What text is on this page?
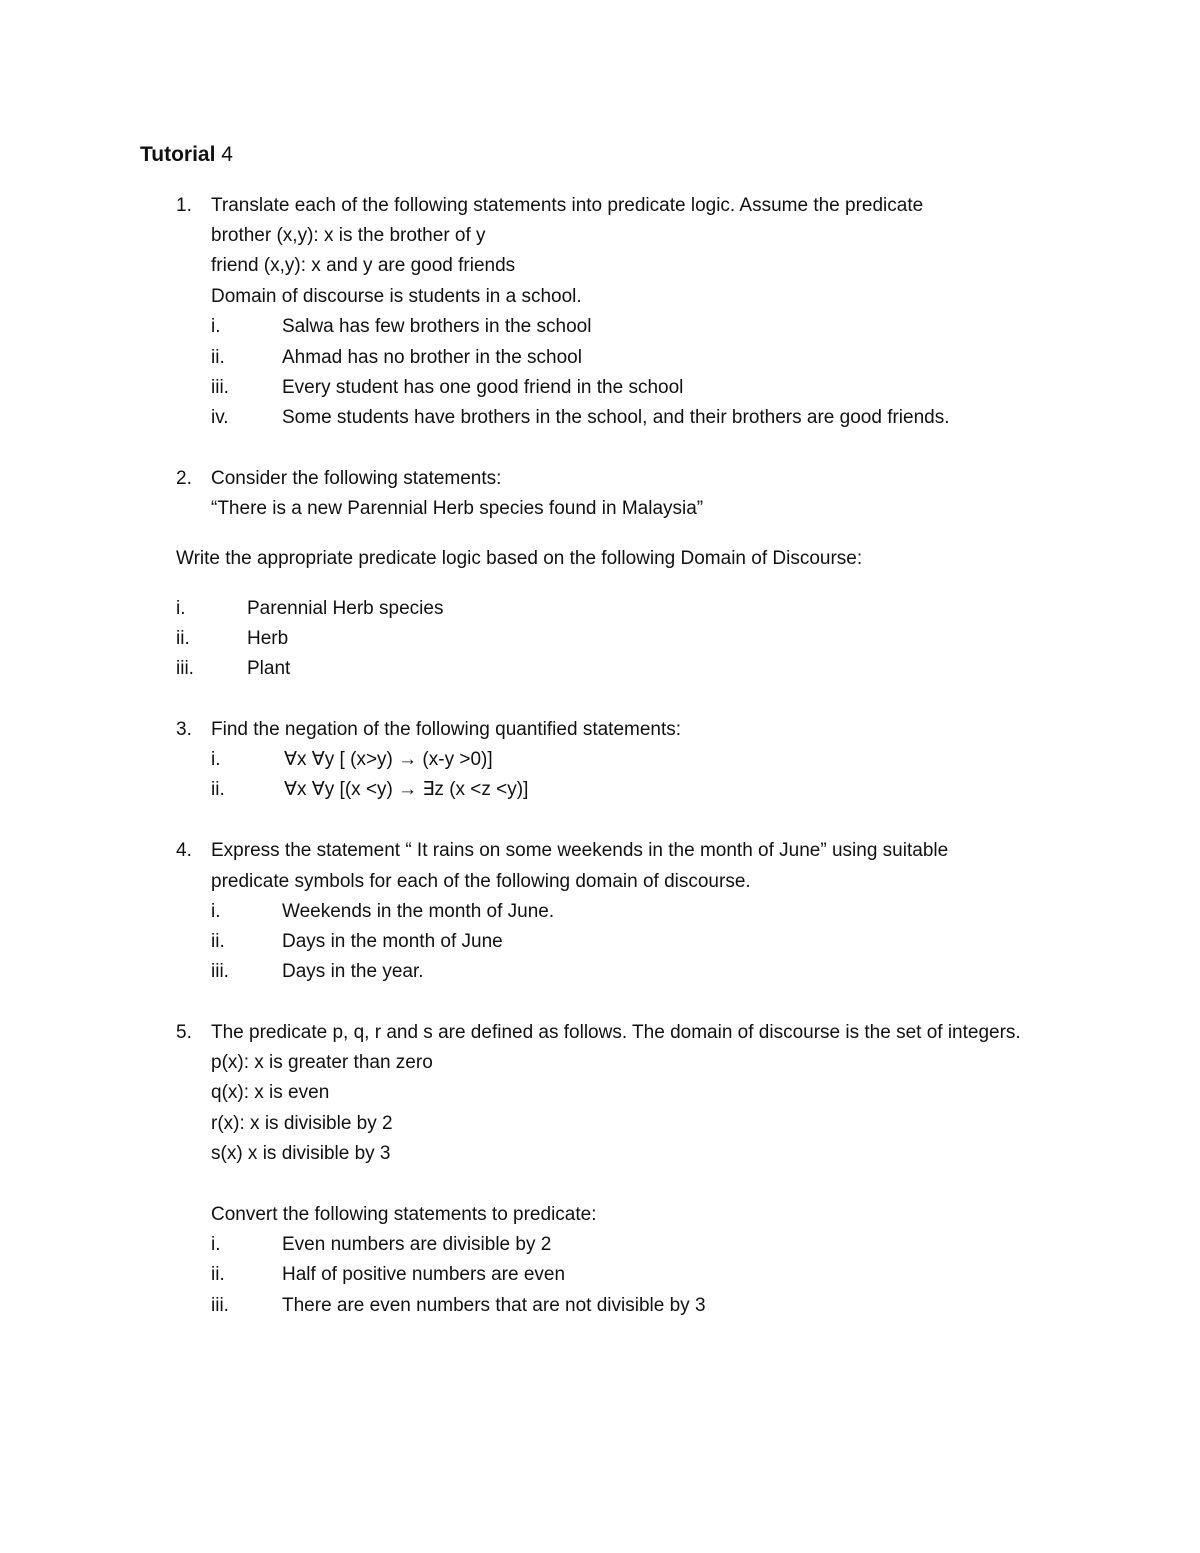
Tutorial 4
1. Translate each of the following statements into predicate logic. Assume the predicate
brother (x,y): x is the brother of y
friend (x,y): x and y are good friends
Domain of discourse is students in a school.
i.	Salwa has few brothers in the school
ii.	Ahmad has no brother in the school
iii.	Every student has one good friend in the school
iv.	Some students have brothers in the school, and their brothers are good friends.
2. Consider the following statements:
“There is a new Parennial Herb species found in Malaysia”
Write the appropriate predicate logic based on the following Domain of Discourse:
i.	Parennial Herb species
ii.	Herb
iii.	Plant
3. Find the negation of the following quantified statements:
i.	∀x ∀y [ (x>y) → (x-y >0)]
ii.	∀x ∀y [(x <y) → ∃z (x <z <y)]
4. Express the statement “ It rains on some weekends in the month of June” using suitable
predicate symbols for each of the following domain of discourse.
i.	Weekends in the month of June.
ii.	Days in the month of June
iii.	Days in the year.
5. The predicate p, q, r and s are defined as follows. The domain of discourse is the set of integers.
p(x): x is greater than zero
q(x): x is even
r(x): x is divisible by 2
s(x) x is divisible by 3
Convert the following statements to predicate:
i.	Even numbers are divisible by 2
ii.	Half of positive numbers are even
iii.	There are even numbers that are not divisible by 3
